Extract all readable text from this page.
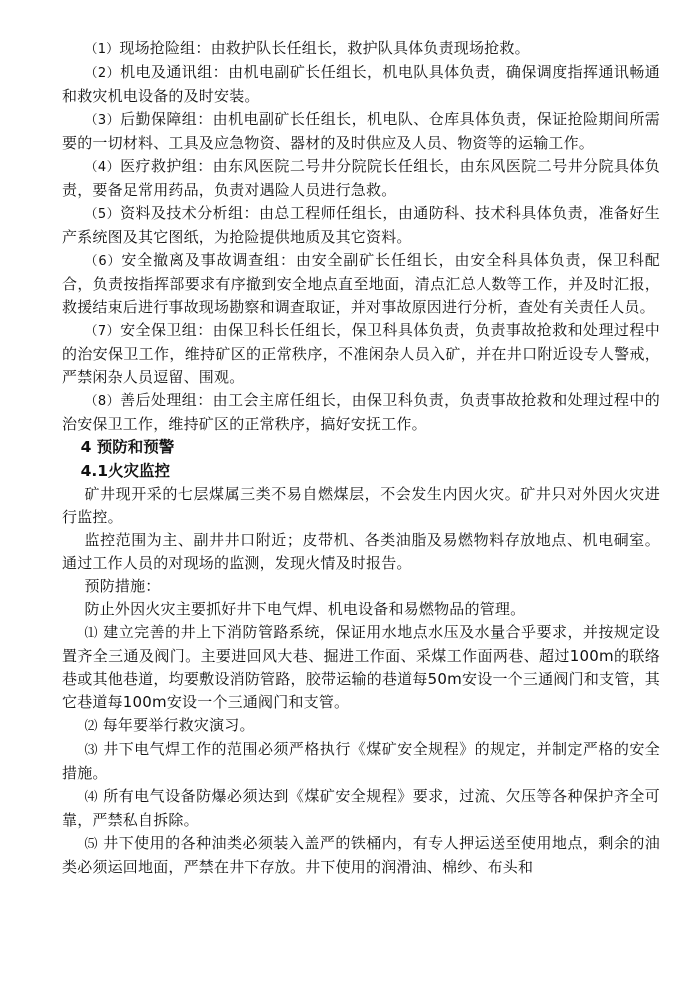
（1）现场抢险组：由救护队长任组长，救护队具体负责现场抢救。

（2）机电及通讯组：由机电副矿长任组长，机电队具体负责，确保调度指挥通讯畅通和救灾机电设备的及时安装。

（3）后勤保障组：由机电副矿长任组长，机电队、仓库具体负责，保证抢险期间所需要的一切材料、工具及应急物资、器材的及时供应及人员、物资等的运输工作。

（4）医疗救护组：由东风医院二号井分院院长任组长，由东风医院二号井分院具体负责，要备足常用药品，负责对遇险人员进行急救。

（5）资料及技术分析组：由总工程师任组长，由通防科、技术科具体负责，准备好生产系统图及其它图纸，为抢险提供地质及其它资料。

（6）安全撤离及事故调查组：由安全副矿长任组长，由安全科具体负责，保卫科配合，负责按指挥部要求有序撤到安全地点直至地面，清点汇总人数等工作，并及时汇报，救援结束后进行事故现场勘察和调查取证，并对事故原因进行分析，查处有关责任人员。

（7）安全保卫组：由保卫科长任组长，保卫科具体负责，负责事故抢救和处理过程中的治安保卫工作，维持矿区的正常秩序，不准闲杂人员入矿，并在井口附近设专人警戒，严禁闲杂人员逗留、围观。

（8）善后处理组：由工会主席任组长，由保卫科负责，负责事故抢救和处理过程中的治安保卫工作，维持矿区的正常秩序，搞好安抚工作。

4 预防和预警

4.1火灾监控

矿井现开采的七层煤属三类不易自燃煤层，不会发生内因火灾。矿井只对外因火灾进行监控。

监控范围为主、副井井口附近；皮带机、各类油脂及易燃物料存放地点、机电硐室。通过工作人员的对现场的监测，发现火情及时报告。

预防措施：

防止外因火灾主要抓好井下电气焊、机电设备和易燃物品的管理。

⑴ 建立完善的井上下消防管路系统，保证用水地点水压及水量合乎要求，并按规定设置齐全三通及阀门。主要进回风大巷、掘进工作面、采煤工作面两巷、超过100m的联络巷或其他巷道，均要敷设消防管路，胶带运输的巷道每50m安设一个三通阀门和支管，其它巷道每100m安设一个三通阀门和支管。

⑵ 每年要举行救灾演习。

⑶ 井下电气焊工作的范围必须严格执行《煤矿安全规程》的规定，并制定严格的安全措施。

⑷ 所有电气设备防爆必须达到《煤矿安全规程》要求，过流、欠压等各种保护齐全可靠，严禁私自拆除。

⑸ 井下使用的各种油类必须装入盖严的铁桶内，有专人押运送至使用地点，剩余的油类必须运回地面，严禁在井下存放。井下使用的润滑油、棉纱、布头和
